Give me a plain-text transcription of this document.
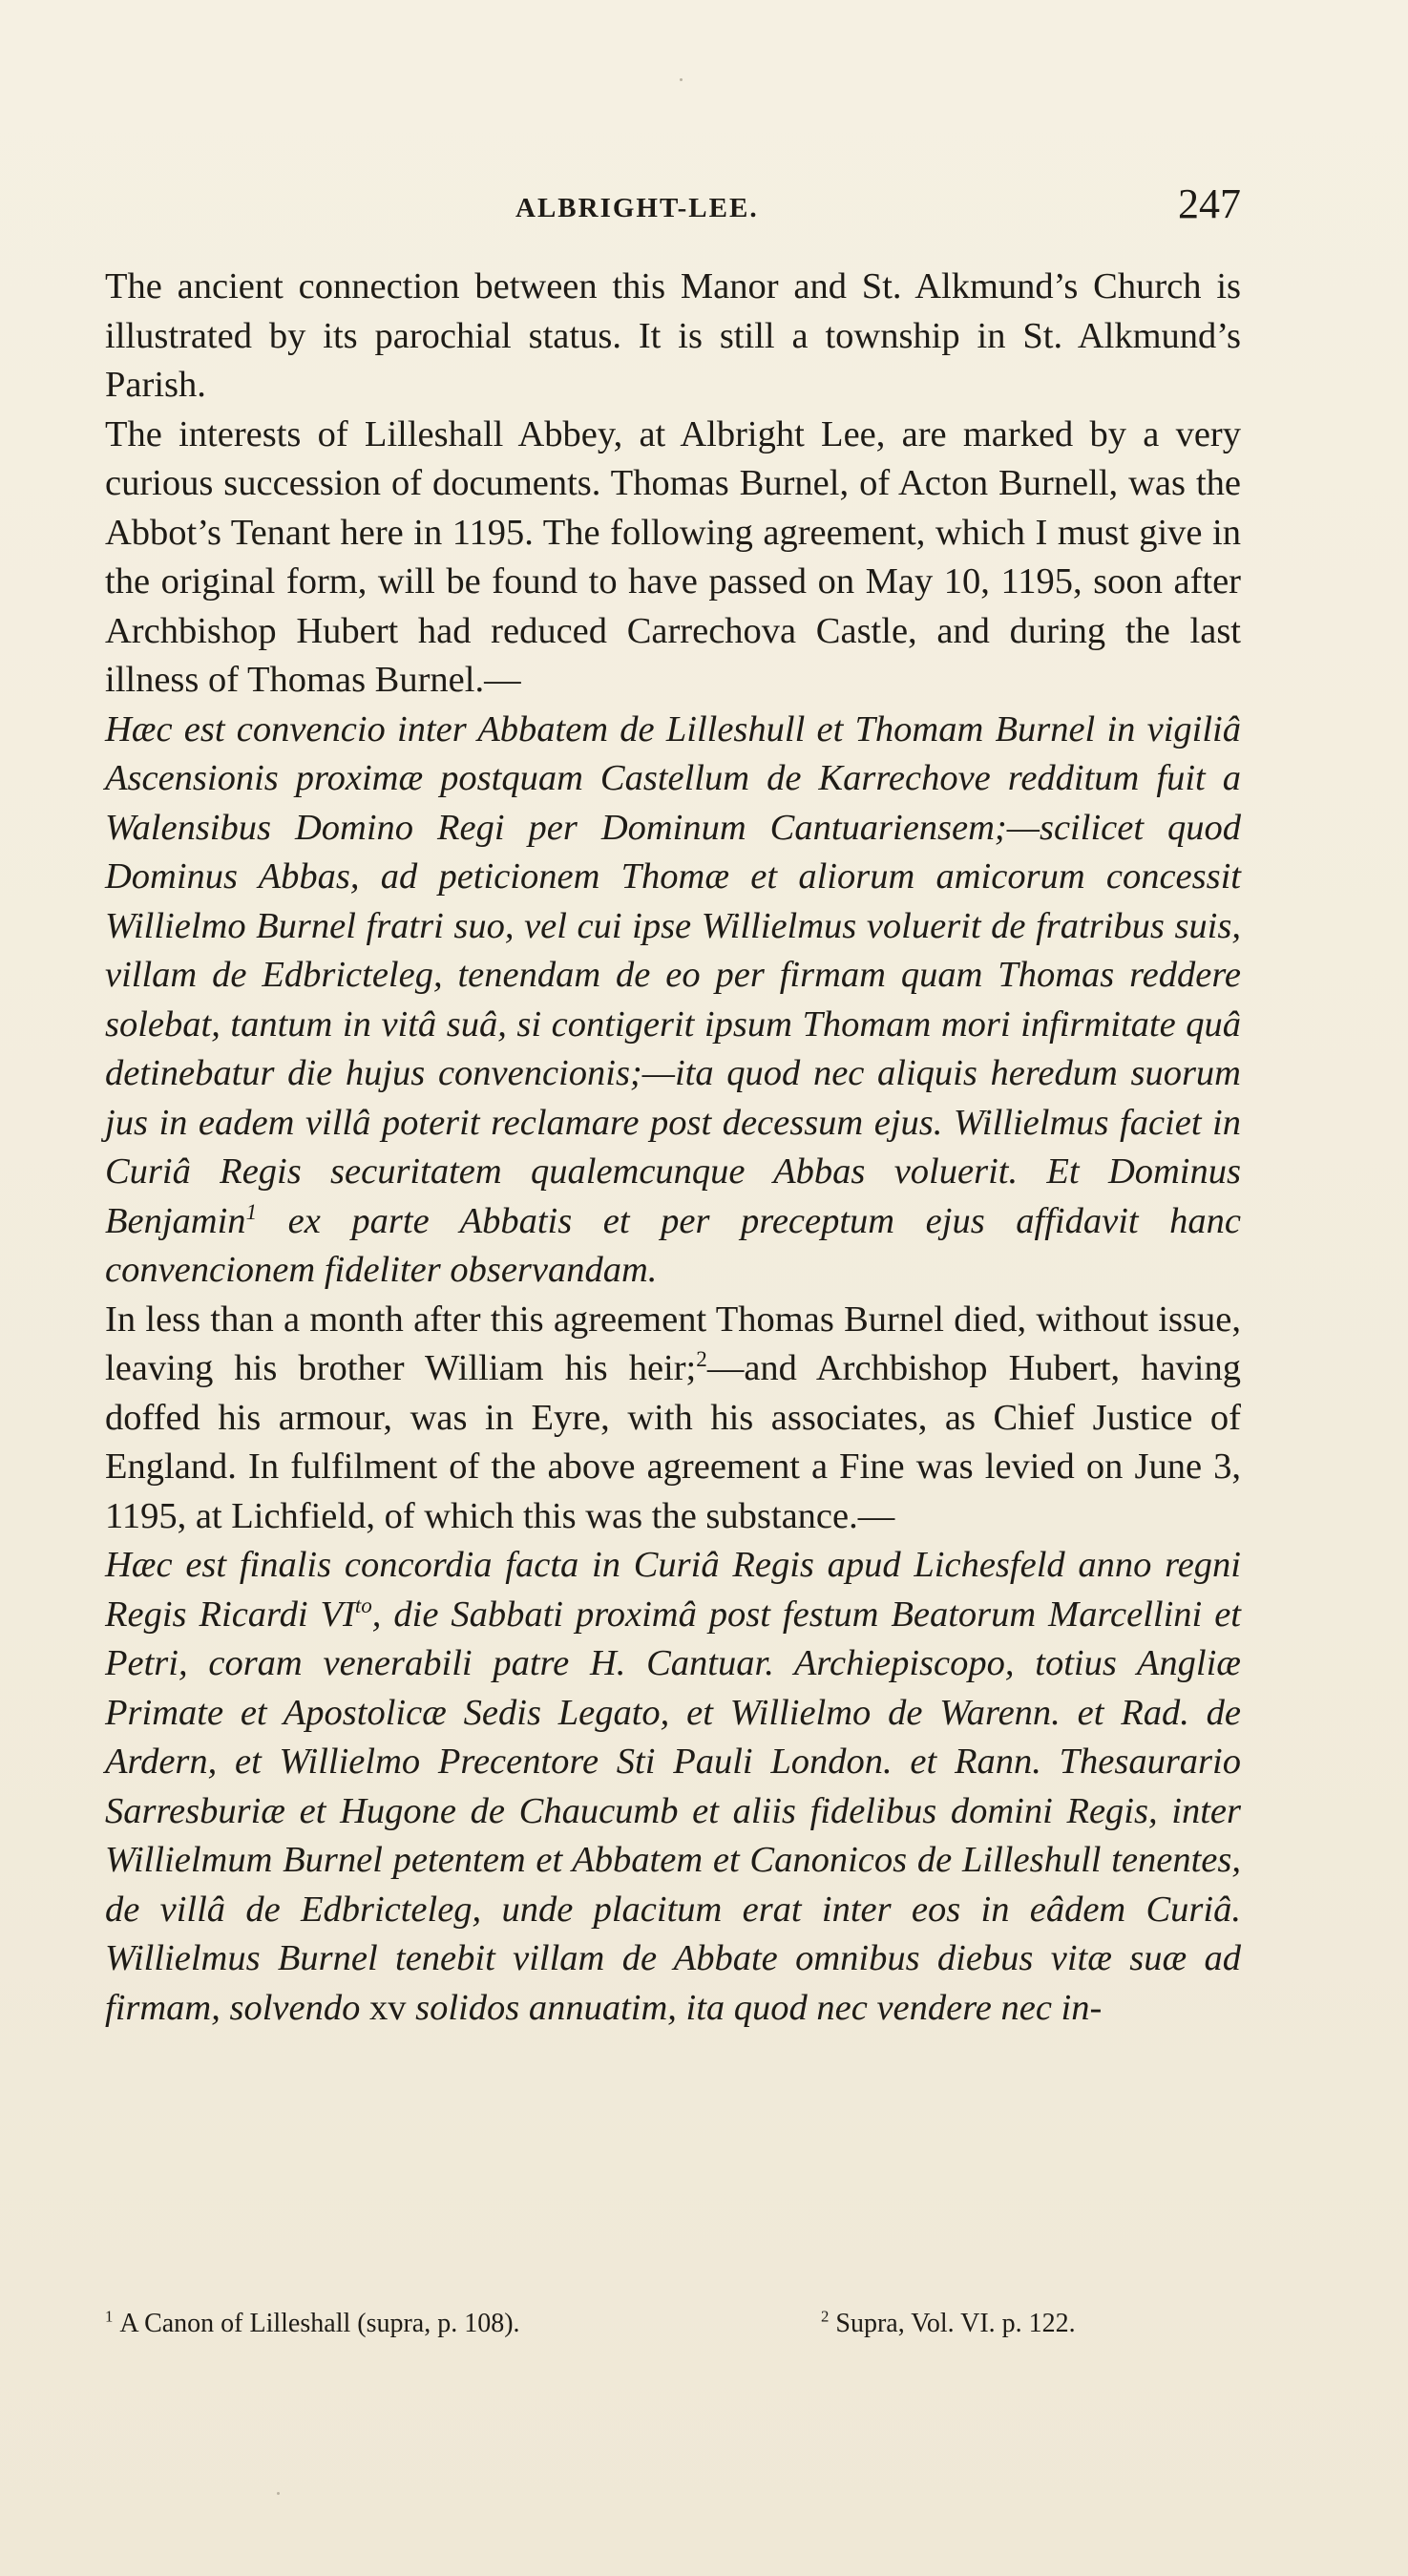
ALBRIGHT-LEE.	247

The ancient connection between this Manor and St. Alkmund’s Church is illustrated by its parochial status. It is still a township in St. Alkmund’s Parish.

The interests of Lilleshall Abbey, at Albright Lee, are marked by a very curious succession of documents. Thomas Burnel, of Acton Burnell, was the Abbot’s Tenant here in 1195. The following agreement, which I must give in the original form, will be found to have passed on May 10, 1195, soon after Archbishop Hubert had reduced Carrechova Castle, and during the last illness of Thomas Burnel.—

Hæc est convencio inter Abbatem de Lilleshull et Thomam Burnel in vigiliâ Ascensionis proximæ postquam Castellum de Karrechove redditum fuit a Walensibus Domino Regi per Dominum Cantuariensem;—scilicet quod Dominus Abbas, ad peticionem Thomæ et aliorum amicorum concessit Willielmo Burnel fratri suo, vel cui ipse Willielmus voluerit de fratribus suis, villam de Edbricteleg, tenendam de eo per firmam quam Thomas reddere solebat, tantum in vitâ suâ, si contigerit ipsum Thomam mori infirmitate quâ detinebatur die hujus convencionis;—ita quod nec aliquis heredum suorum jus in eadem villâ poterit reclamare post decessum ejus. Willielmus faciet in Curiâ Regis securitatem qualemcunque Abbas voluerit. Et Dominus Benjamin$^1$ ex parte Abbatis et per preceptum ejus affidavit hanc convencionem fideliter observandam.

In less than a month after this agreement Thomas Burnel died, without issue, leaving his brother William his heir;$^2$—and Archbishop Hubert, having doffed his armour, was in Eyre, with his associates, as Chief Justice of England. In fulfilment of the above agreement a Fine was levied on June 3, 1195, at Lichfield, of which this was the substance.—

Hæc est finalis concordia facta in Curiâ Regis apud Lichesfeld anno regni Regis Ricardi $VI^{to}$, die Sabbati proximâ post festum Beatorum Marcellini et Petri, coram venerabili patre H. Cantuar. Archiepiscopo, totius Angliæ Primate et Apostolicæ Sedis Legato, et Willielmo de Warenn. et Rad. de Ardern, et Willielmo Precentore Sti Pauli London. et Rann. Thesaurario Sarresburiæ et Hugone de Chaucumb et aliis fidelibus domini Regis, inter Willielmum Burnel petentem et Abbatem et Canonicos de Lilleshull tenentes, de villâ de Edbricteleg, unde placitum erat inter eos in eâdem Curiâ. Willielmus Burnel tenebit villam de Abbate omnibus diebus vitæ suæ ad firmam, solvendo xv solidos annuatim, ita quod nec vendere nec in-

$^1$ A Canon of Lilleshall (supra, p. 108).	$^2$ Supra, Vol. VI. p. 122.
